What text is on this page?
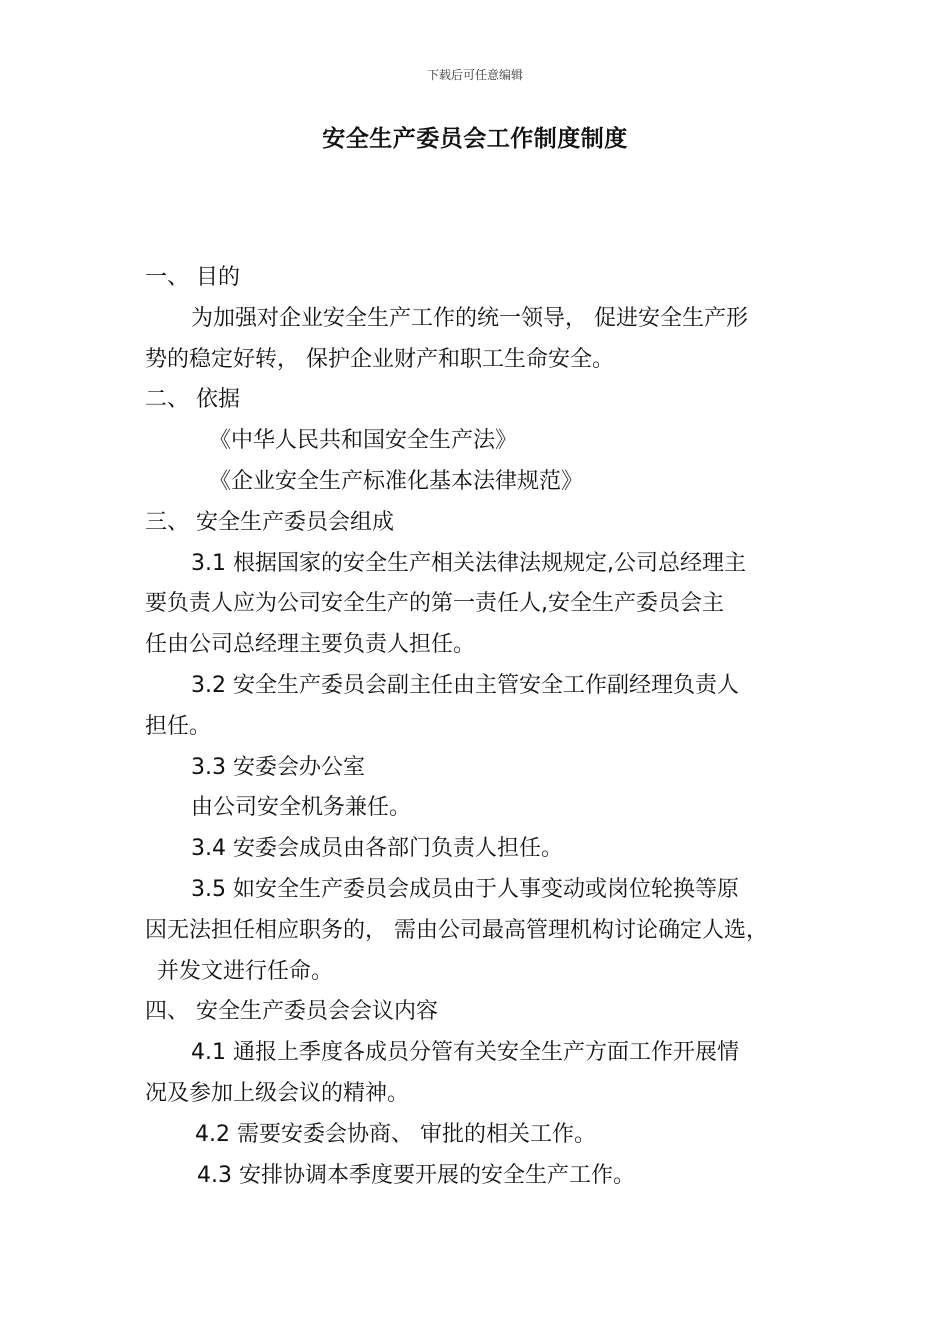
下载后可任意编辑
安全生产委员会工作制度制度
一、 目的
为加强对企业安全生产工作的统一领导， 促进安全生产形
势的稳定好转， 保护企业财产和职工生命安全。
二、 依据
《中华人民共和国安全生产法》
《企业安全生产标准化基本法律规范》
三、 安全生产委员会组成
3.1 根据国家的安全生产相关法律法规规定,公司总经理主
要负责人应为公司安全生产的第一责任人,安全生产委员会主
任由公司总经理主要负责人担任。
3.2 安全生产委员会副主任由主管安全工作副经理负责人
担任。
3.3 安委会办公室
由公司安全机务兼任。
3.4 安委会成员由各部门负责人担任。
3.5 如安全生产委员会成员由于人事变动或岗位轮换等原
因无法担任相应职务的， 需由公司最高管理机构讨论确定人选，
并发文进行任命。
四、 安全生产委员会会议内容
4.1 通报上季度各成员分管有关安全生产方面工作开展情
况及参加上级会议的精神。
4.2 需要安委会协商、 审批的相关工作。
4.3 安排协调本季度要开展的安全生产工作。
